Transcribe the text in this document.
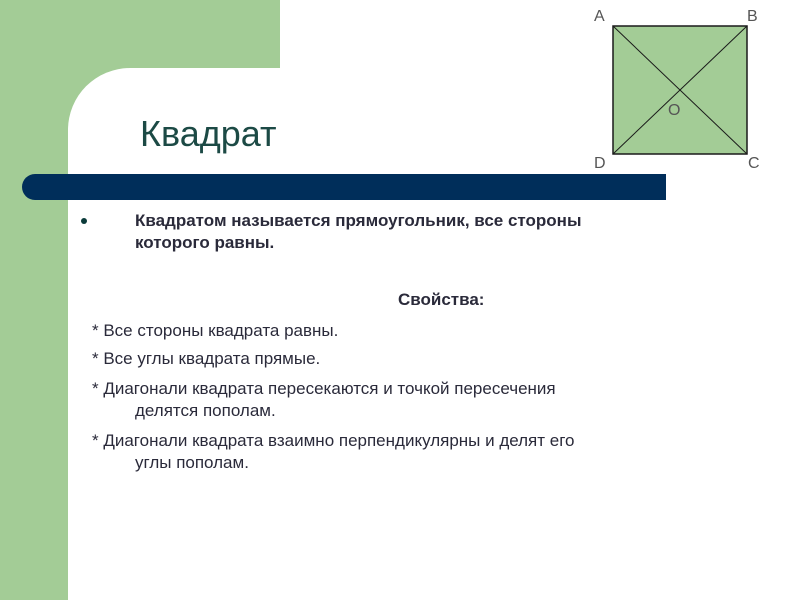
Квадрат
A	B
C
D
O

Квадратом называется прямоугольник, все стороны
которого равны.

Свойства:

* Все стороны квадрата равны.

* Все углы квадрата прямые.

* Диагонали квадрата пересекаются и точкой пересечения
делятся пополам.

* Диагонали квадрата взаимно перпендикулярны и делят его
углы пополам.
